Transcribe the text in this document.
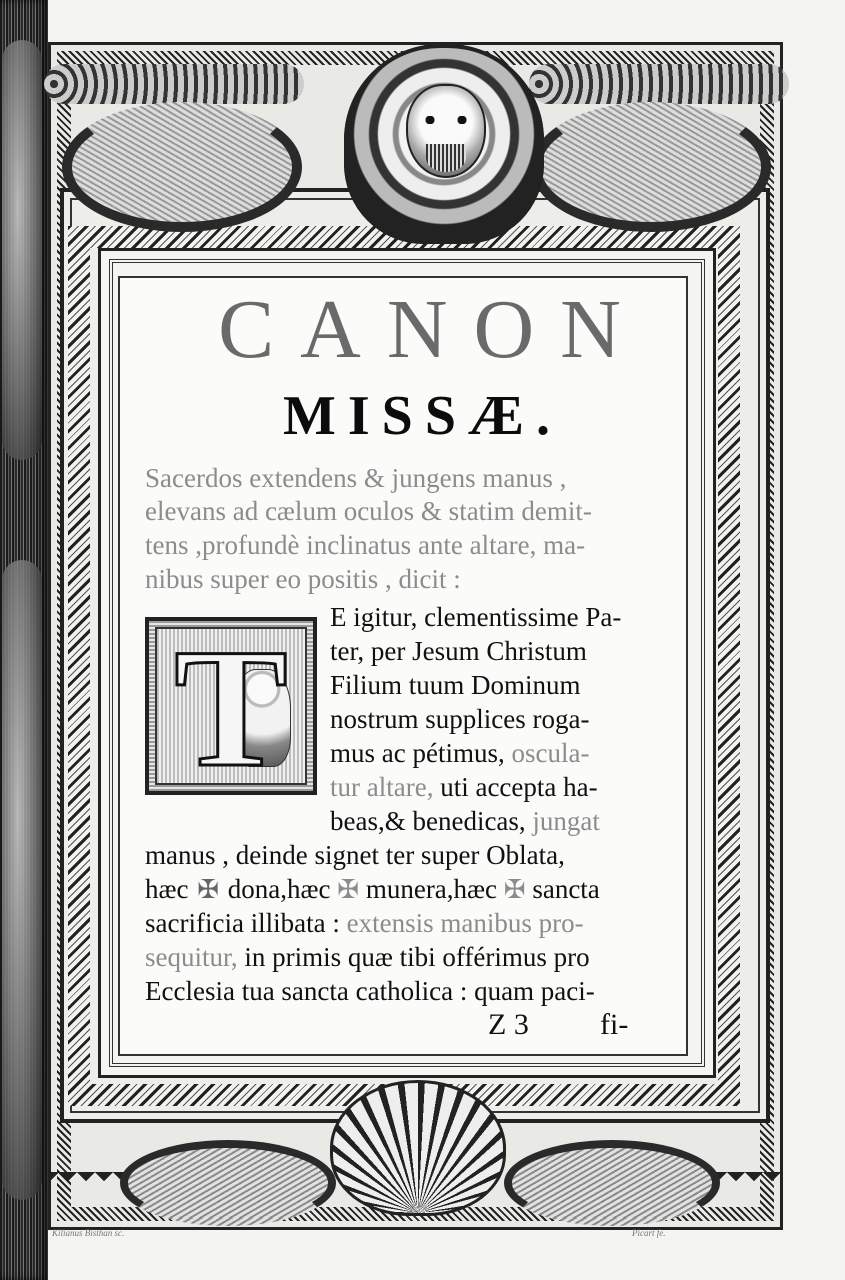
CANON
MISSÆ.
Sacerdos extendens & jungens manus ,
elevans ad cælum oculos & statim demit-
tens ,profundè inclinatus ante altare, ma-
nibus super eo positis , dicit :
T	E igitur, clementissime Pa-
ter, per Jesum Christum
Filium tuum Dominum
nostrum supplices roga-
mus ac pétimus, oscula-
tur altare, uti accepta ha-
beas,& benedicas, jungat
manus , deinde signet ter super Oblata,
hæc ✠ dona,hæc ✠ munera,hæc ✠ sancta
sacrificia illibata : extensis manibus pro-
sequitur, in primis quæ tibi offérimus pro
Ecclesia tua sancta catholica : quam paci-
Z 3 fi-
Kilianus Bisthan sc.	Picart fe.
